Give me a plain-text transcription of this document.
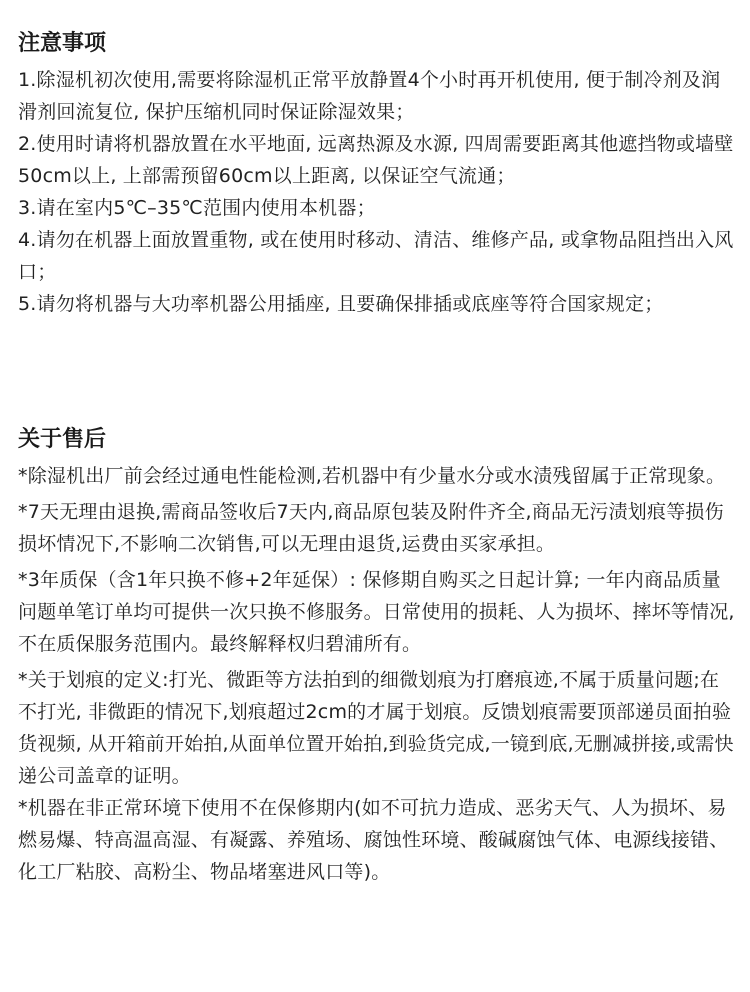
注意事项

1.除湿机初次使用,需要将除湿机正常平放静置4个小时再开机使用, 便于制冷剂及润滑剂回流复位, 保护压缩机同时保证除湿效果；

2.使用时请将机器放置在水平地面, 远离热源及水源, 四周需要距离其他遮挡物或墙壁50cm以上, 上部需预留60cm以上距离, 以保证空气流通；

3.请在室内5℃–35℃范围内使用本机器；

4.请勿在机器上面放置重物, 或在使用时移动、清洁、维修产品, 或拿物品阻挡出入风口；

5.请勿将机器与大功率机器公用插座, 且要确保排插或底座等符合国家规定；

关于售后

*除湿机出厂前会经过通电性能检测,若机器中有少量水分或水渍残留属于正常现象。

*7天无理由退换,需商品签收后7天内,商品原包装及附件齐全,商品无污渍划痕等损伤损坏情况下,不影响二次销售,可以无理由退货,运费由买家承担。

*3年质保（含1年只换不修+2年延保）: 保修期自购买之日起计算; 一年内商品质量问题单笔订单均可提供一次只换不修服务。日常使用的损耗、人为损坏、摔坏等情况, 不在质保服务范围内。最终解释权归碧浦所有。

*关于划痕的定义:打光、微距等方法拍到的细微划痕为打磨痕迹,不属于质量问题;在不打光, 非微距的情况下,划痕超过2cm的才属于划痕。反馈划痕需要顶部递员面拍验货视频, 从开箱前开始拍,从面单位置开始拍,到验货完成,一镜到底,无删减拼接,或需快递公司盖章的证明。

*机器在非正常环境下使用不在保修期内(如不可抗力造成、恶劣天气、人为损坏、易燃易爆、特高温高湿、有凝露、养殖场、腐蚀性环境、酸碱腐蚀气体、电源线接错、化工厂粘胶、高粉尘、物品堵塞进风口等)。
